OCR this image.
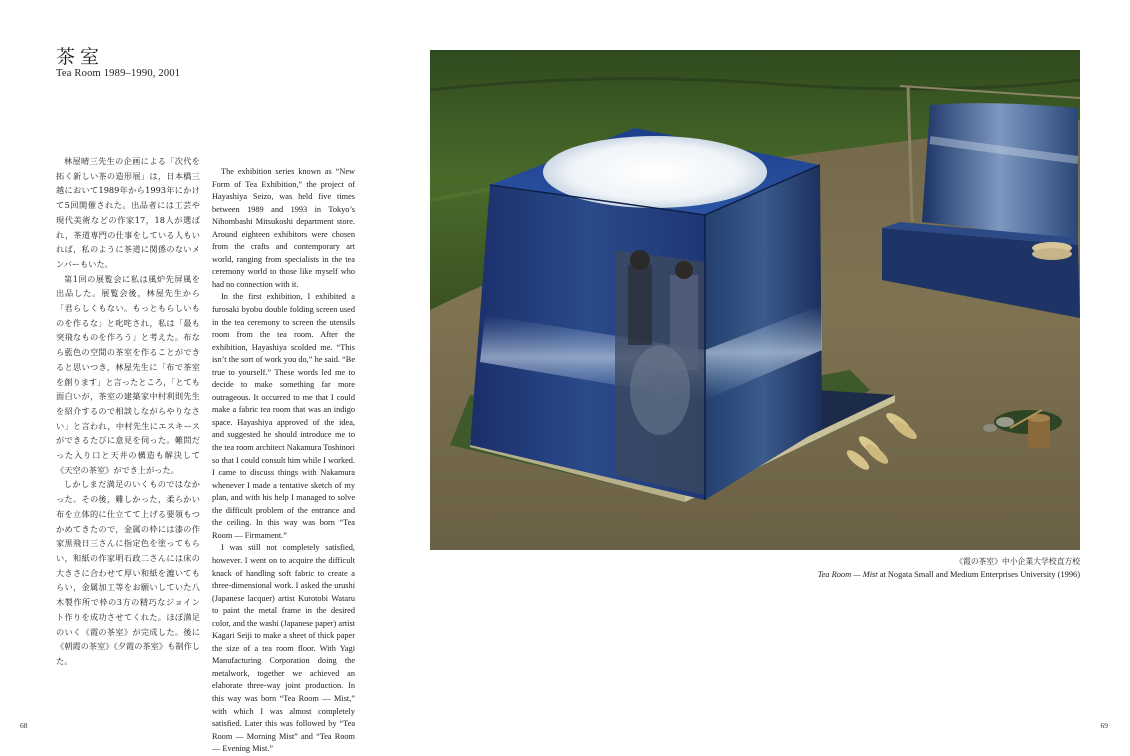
茶室
Tea Room 1989–1990, 2001

林屋晴三先生の企画による「次代を拓く新しい茶の造形展」は，日本橋三越において1989年から1993年にかけて5回開催された。出品者には工芸や現代美術などの作家17，18人が選ばれ，茶道専門の仕事をしている人もいれば，私のように茶道に関係のないメンバーもいた。

第1回の展覧会に私は風炉先屏風を出品した。展覧会後，林屋先生から「君らしくもない。もっともらしいものを作るな」と叱咤され，私は「最も突飛なものを作ろう」と考えた。布なら藍色の空間の茶室を作ることができると思いつき，林屋先生に「布で茶室を創ります」と言ったところ，「とても面白いが，茶室の建築家中村利則先生を紹介するので相談しながらやりなさい」と言われ，中村先生にエスキースができるたびに意見を伺った。難問だった入り口と天井の構造も解決して《天空の茶室》ができ上がった。

しかしまだ満足のいくものではなかった。その後，難しかった，柔らかい布を立体的に仕立てて上げる要領もつかめてきたので，金属の枠には漆の作家黒飛日三さんに指定色を塗ってもらい，和紙の作家明石政二さんには床の大きさに合わせて厚い和紙を漉いてもらい，金属加工等をお願いしていた八木製作所で枠の3方の精巧なジョイント作りを成功させてくれた。ほぼ満足のいく《霞の茶室》が完成した。後に《朝霞の茶室》《夕霞の茶室》も制作した。

The exhibition series known as “New Form of Tea Exhibition,” the project of Hayashiya Seizo, was held five times between 1989 and 1993 in Tokyo’s Nihombashi Mitsukoshi department store. Around eighteen exhibitors were chosen from the crafts and contemporary art world, ranging from specialists in the tea ceremony world to those like myself who had no connection with it.

In the first exhibition, I exhibited a furosaki byobu double folding screen used in the tea ceremony to screen the utensils room from the tea room. After the exhibition, Hayashiya scolded me. “This isn’t the sort of work you do,” he said. “Be true to yourself.” These words led me to decide to make something far more outrageous. It occurred to me that I could make a fabric tea room that was an indigo space. Hayashiya approved of the idea, and suggested he should introduce me to the tea room architect Nakamura Toshinori so that I could consult him while I worked. I came to discuss things with Nakamura whenever I made a tentative sketch of my plan, and with his help I managed to solve the difficult problem of the entrance and the ceiling. In this way was born “Tea Room — Firmament.”

I was still not completely satisfied, however. I went on to acquire the difficult knack of handling soft fabric to create a three-dimensional work. I asked the urushi (Japanese lacquer) artist Kurotobi Wataru to paint the metal frame in the desired color, and the washi (Japanese paper) artist Kagari Seiji to make a sheet of thick paper the size of a tea room floor. With Yagi Manufacturing Corporation doing the metalwork, together we achieved an elaborate three-way joint production. In this way was born “Tea Room — Mist,” with which I was almost completely satisfied. Later this was followed by “Tea Room — Morning Mist” and “Tea Room — Evening Mist.”

《霞の茶室》中小企業大学校直方校
Tea Room — Mist at Nogata Small and Medium Enterprises University (1996)
68	69
